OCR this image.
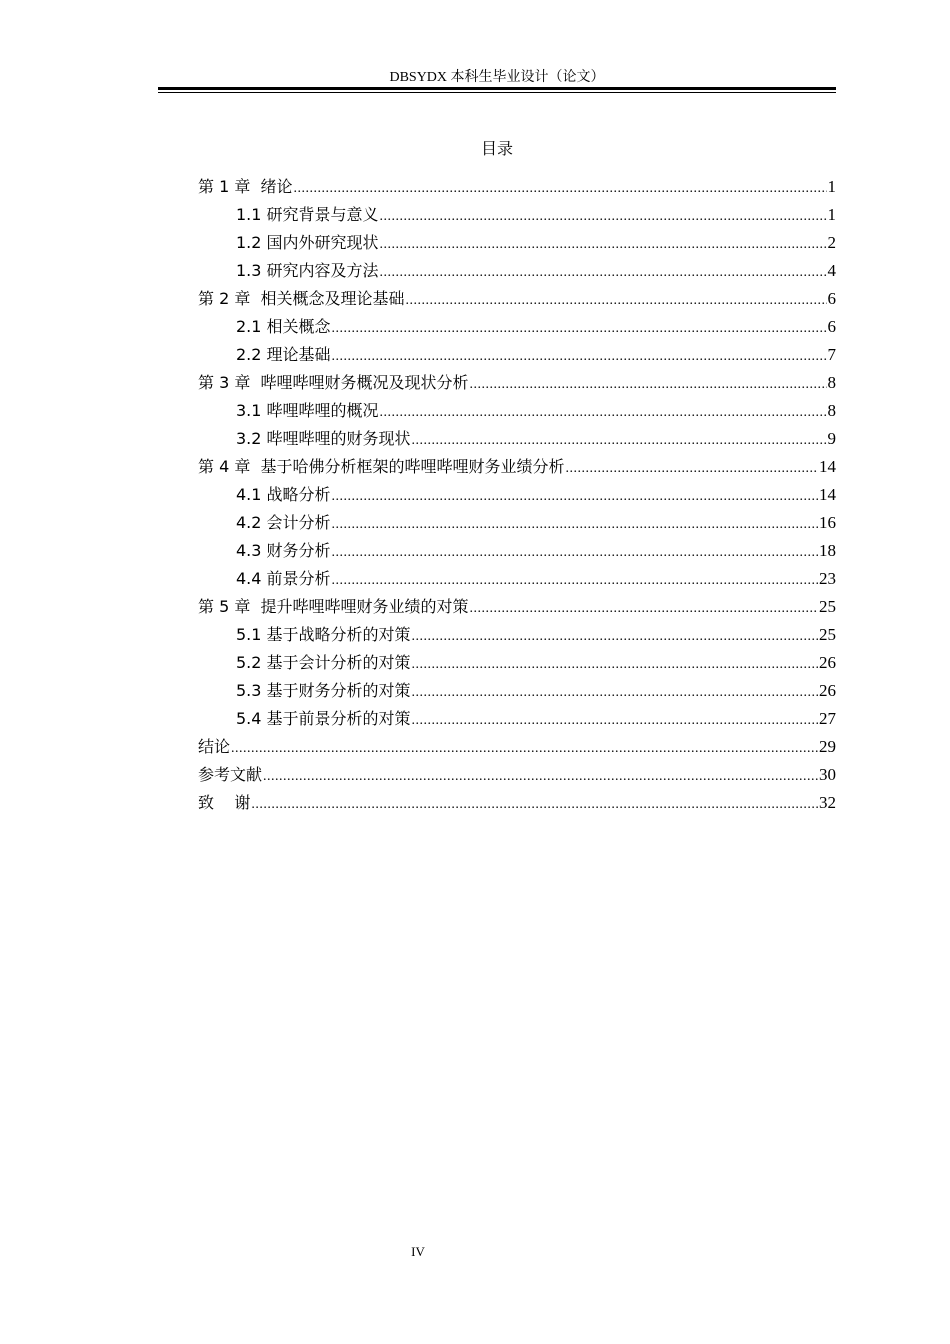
DBSYDX 本科生毕业设计（论文）
目录
第 1 章  绪论 .....	1
1.1 研究背景与意义 .....	1
1.2 国内外研究现状 .....	2
1.3 研究内容及方法 .....	4
第 2 章  相关概念及理论基础 .....	6
2.1 相关概念 .....	6
2.2 理论基础 .....	7
第 3 章  哔哩哔哩财务概况及现状分析 .....	8
3.1 哔哩哔哩的概况 .....	8
3.2 哔哩哔哩的财务现状 .....	9
第 4 章  基于哈佛分析框架的哔哩哔哩财务业绩分析 .....	14
4.1 战略分析 .....	14
4.2 会计分析 .....	16
4.3 财务分析 .....	18
4.4 前景分析 .....	23
第 5 章  提升哔哩哔哩财务业绩的对策 .....	25
5.1 基于战略分析的对策 .....	25
5.2 基于会计分析的对策 .....	26
5.3 基于财务分析的对策 .....	26
5.4 基于前景分析的对策 .....	27
结论 .....	29
参考文献 .....	30
致    谢 .....	32
IV
